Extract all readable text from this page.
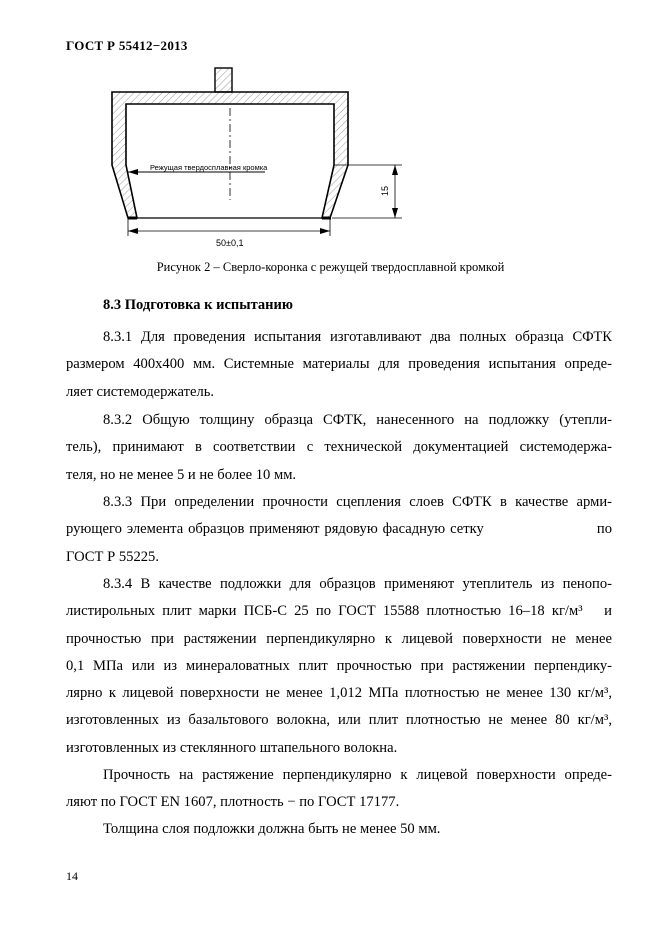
ГОСТ Р 55412−2013
Режущая твердосплавная кромка
15
50±0,1
Рисунок 2 – Сверло-коронка с режущей твердосплавной кромкой
8.3 Подготовка к испытанию
8.3.1 Для проведения испытания изготавливают два полных образца СФТК
размером 400х400 мм. Системные материалы для проведения испытания опреде-
ляет системодержатель.
8.3.2 Общую толщину образца СФТК, нанесенного на подложку (утепли-
тель), принимают в соответствии с технической документацией системодержа-
теля, но не менее 5 и не более 10 мм.
8.3.3 При определении прочности сцепления слоев СФТК в качестве арми-
рующего элемента образцов применяют рядовую фасадную сетку                       по
ГОСТ Р 55225.
8.3.4 В качестве подложки для образцов применяют утеплитель из пенопо-
листирольных плит марки ПСБ-С 25 по ГОСТ 15588 плотностью 16–18 кг/м³   и
прочностью при растяжении перпендикулярно к лицевой поверхности не менее
0,1 МПа или из минераловатных плит прочностью при растяжении перпендику-
лярно к лицевой поверхности не менее 1,012 МПа плотностью не менее 130 кг/м³,
изготовленных из базальтового волокна, или плит плотностью не менее 80 кг/м³,
изготовленных из стеклянного штапельного волокна.
Прочность на растяжение перпендикулярно к лицевой поверхности опреде-
ляют по ГОСТ EN 1607, плотность − по ГОСТ 17177.
Толщина слоя подложки должна быть не менее 50 мм.
14
